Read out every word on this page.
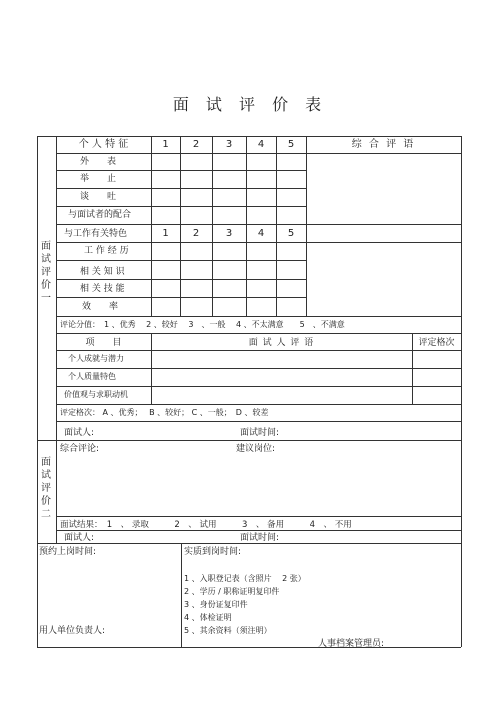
面 试 评 价 表
面
试
评
价
一
面
试
评
价
二
个 人 特 征	1	2	3	4	5	综 合 评 语
外　　表
举　　止
谈　　吐
与面试者的配合
与工作有关特色	1	2	3	4	5
工 作 经 历
相 关 知 识
相 关 技 能
效　　率
评论分值：　1 、优秀　 2 、较好　 3　、一般　 4 、不太满意　　5　、不满意
项　　目	面 试 人 评 语	评定格次
个人成就与潜力
个人质量特色
价值观与求职动机
评定格次： A 、优秀；　 B 、较好； C 、一般；　D 、较差
面试人:	面试时间:
综合评论:	建议岗位:
面试结果：　1　、 录取　　　2　、 试用　　　3　、 备用　　　4　、 不用
面试人:	面试时间:
预约上岗时间:	实质到岗时间:
1 、入职登记表（含照片　 2 张）
2 、学历 / 职称证明复印件
3 、身份证复印件
4 、体检证明
5 、其余资料（须注明）
用人单位负责人:
人事档案管理员:
